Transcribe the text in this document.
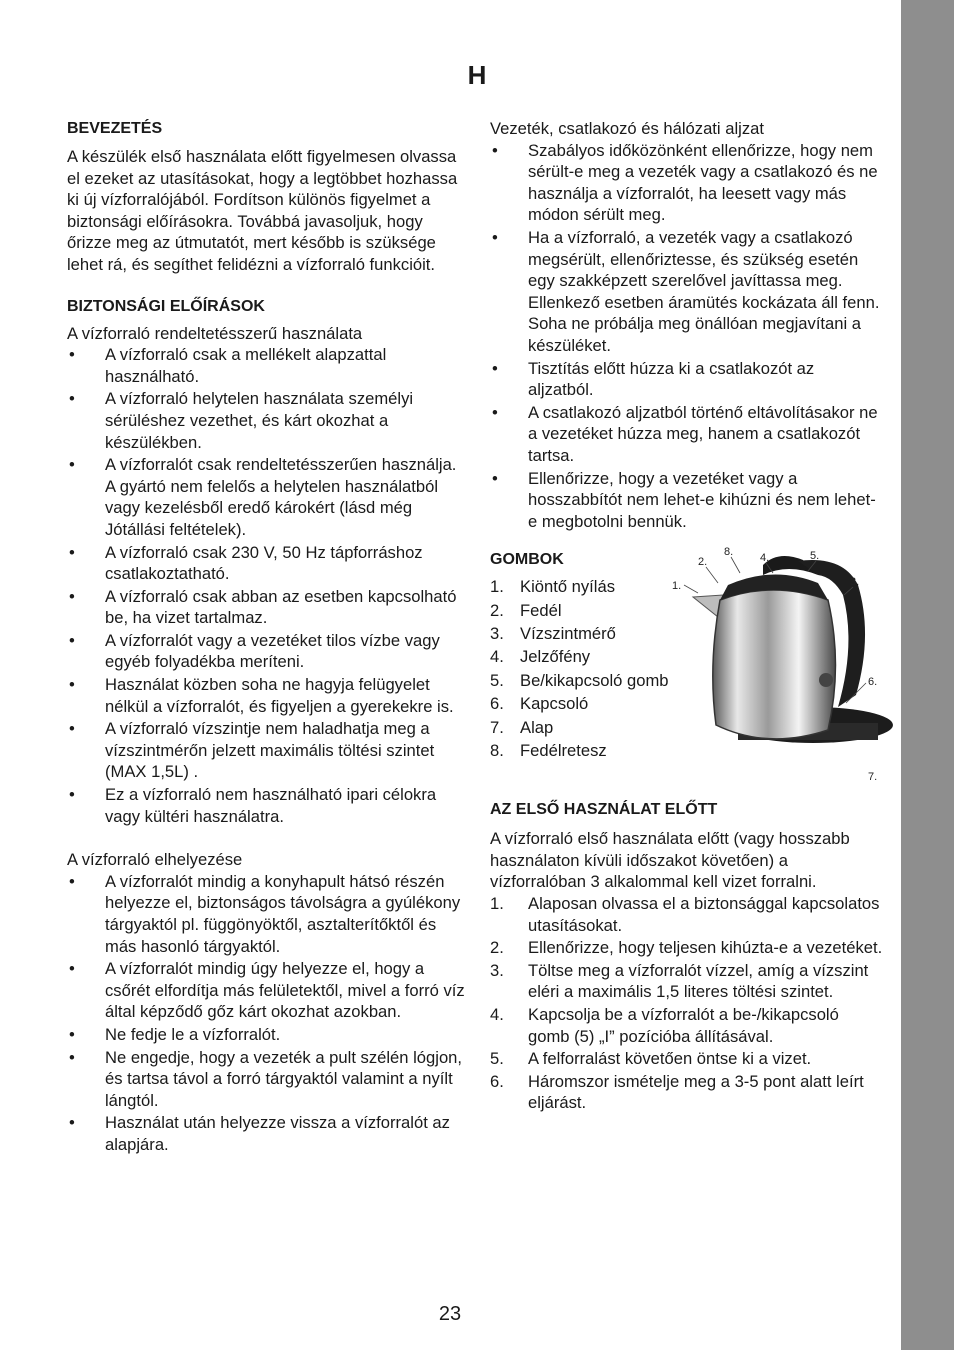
H
BEVEZETÉS

A készülék első használata előtt figyelmesen olvassa el ezeket az utasításokat, hogy a legtöbbet hozhassa ki új vízforralójából. Fordítson különös figyelmet a biztonsági előírásokra. Továbbá javasoljuk, hogy őrizze meg az útmutatót, mert később is szüksége lehet rá, és segíthet felidézni a vízforraló funkcióit.

BIZTONSÁGI ELŐÍRÁSOK

A vízforraló rendeltetésszerű használata

• A vízforraló csak a mellékelt alapzattal használható.
• A vízforraló helytelen használata személyi sérüléshez vezethet, és kárt okozhat a készülékben.
• A vízforralót csak rendeltetésszerűen használja. A gyártó nem felelős a helytelen használatból vagy kezelésből eredő károkért (lásd még Jótállási feltételek).
• A vízforraló csak 230 V, 50 Hz tápforráshoz csatlakoztatható.
• A vízforraló csak abban az esetben kapcsolható be, ha vizet tartalmaz.
• A vízforralót vagy a vezetéket tilos vízbe vagy egyéb folyadékba meríteni.
• Használat közben soha ne hagyja felügyelet nélkül a vízforralót, és figyeljen a gyerekekre is.
• A vízforraló vízszintje nem haladhatja meg a vízszintmérőn jelzett maximális töltési szintet (MAX 1,5L) .
• Ez a vízforraló nem használható ipari célokra vagy kültéri használatra.

A vízforraló elhelyezése

• A vízforralót mindig a konyhapult hátsó részén helyezze el, biztonságos távolságra a gyúlékony tárgyaktól pl. függönyöktől, asztalterítőktől és más hasonló tárgyaktól.
• A vízforralót mindig úgy helyezze el, hogy a csőrét elfordítja más felületektől, mivel a forró víz által képződő gőz kárt okozhat azokban.
• Ne fedje le a vízforralót.
• Ne engedje, hogy a vezeték a pult szélén lógjon, és tartsa távol a forró tárgyaktól valamint a nyílt lángtól.
• Használat után helyezze vissza a vízforralót az alapjára.

Vezeték, csatlakozó és hálózati aljzat

• Szabályos időközönként ellenőrizze, hogy nem sérült-e meg a vezeték vagy a csatlakozó és ne használja a vízforralót, ha leesett vagy más módon sérült meg.
• Ha a vízforraló, a vezeték vagy a csatlakozó megsérült, ellenőriztesse, és szükség esetén egy szakképzett szerelővel javíttassa meg. Ellenkező esetben áramütés kockázata áll fenn. Soha ne próbálja meg önállóan megjavítani a készüléket.
• Tisztítás előtt húzza ki a csatlakozót az aljzatból.
• A csatlakozó aljzatból történő eltávolításakor ne a vezetéket húzza meg, hanem a csatlakozót tartsa.
• Ellenőrizze, hogy a vezetéket vagy a hosszabbítót nem lehet-e kihúzni és nem lehet-e megbotolni bennük.
GOMBOK
1. Kiöntő nyílás
2. Fedél
3. Vízszintmérő
4. Jelzőfény
5. Be/kikapcsoló gomb
6. Kapcsoló
7. Alap
8. Fedélretesz
1.
2.
8. 4.	5.
3.
6.
7.
AZ ELSŐ HASZNÁLAT ELŐTT

A vízforraló első használata előtt (vagy hosszabb használaton kívüli időszakot követően) a vízforralóban 3 alkalommal kell vizet forralni.

1. Alaposan olvassa el a biztonsággal kapcsolatos utasításokat.
2. Ellenőrizze, hogy teljesen kihúzta-e a vezetéket.
3. Töltse meg a vízforralót vízzel, amíg a vízszint eléri a maximális 1,5 literes töltési szintet.
4. Kapcsolja be a vízforralót a be-/kikapcsoló gomb (5) „I” pozícióba állításával.
5. A felforralást követően öntse ki a vizet.
6. Háromszor ismételje meg a 3-5 pont alatt leírt eljárást.
23
